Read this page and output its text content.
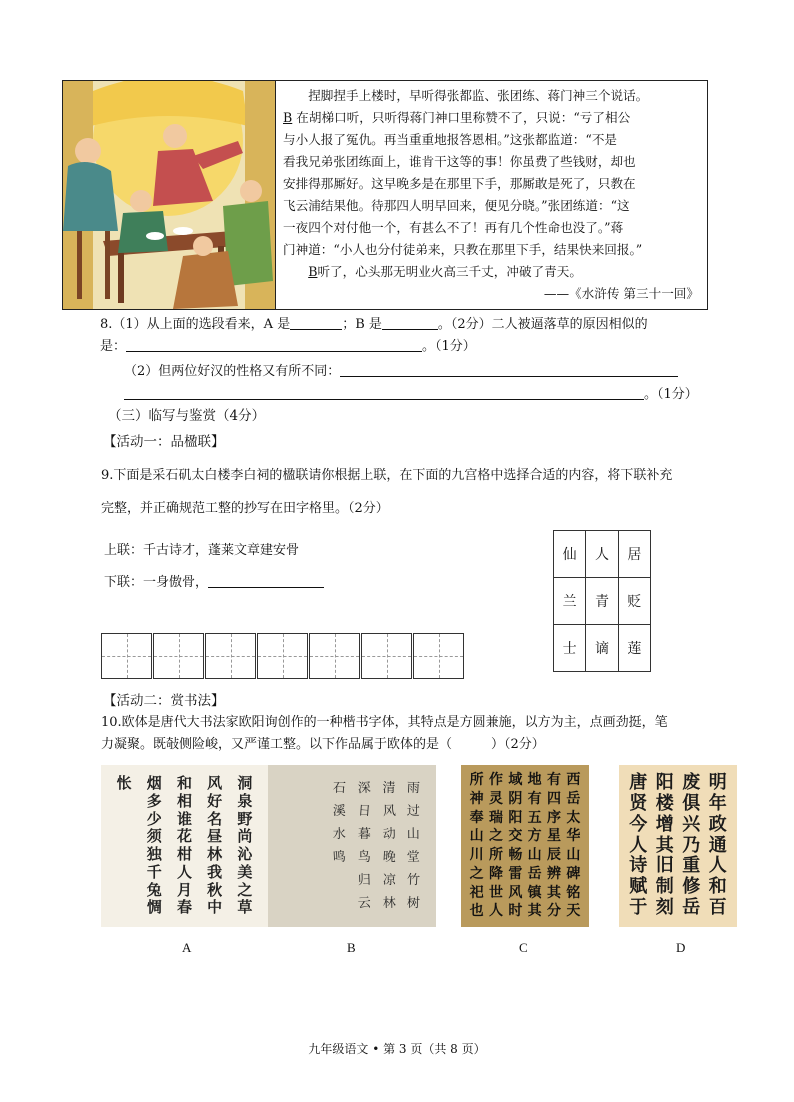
捏脚捏手上楼时，早听得张都监、张团练、蒋门神三个说话。

B 在胡梯口听，只听得蒋门神口里称赞不了，只说：“亏了相公

与小人报了冤仇。再当重重地报答恩相。”这张都监道：“不是

看我兄弟张团练面上，谁肯干这等的事！你虽费了些钱财，却也

安排得那厮好。这早晚多是在那里下手，那厮敢是死了，只教在

飞云浦结果他。待那四人明早回来，便见分晓。”张团练道：“这

一夜四个对付他一个，有甚么不了！再有几个性命也没了。”蒋

门神道：“小人也分付徒弟来，只教在那里下手，结果快来回报。”

B听了，心头那无明业火高三千丈，冲破了青天。

——《水浒传 第三十一回》

8.（1）从上面的选段看来，A 是	；B 是	。（2分）二人被逼落草的原因相似的
是：	。（1分）
（2）但两位好汉的性格又有所不同：
。（1分）
（三）临写与鉴赏（4分）
【活动一：品楹联】
9.下面是采石矶太白楼李白祠的楹联请你根据上联，在下面的九宫格中选择合适的内容，将下联补充
完整，并正确规范工整的抄写在田字格里。（2分）
上联：千古诗才，蓬莱文章建安骨
下联：一身傲骨，
仙	人	居
兰	青	贬
士	谪	莲
【活动二：赏书法】
10.欧体是唐代大书法家欧阳询创作的一种楷书字体，其特点是方圆兼施，以方为主，点画劲挺，笔
力凝聚。既敧侧险峻，又严谨工整。以下作品属于欧体的是（　　　）（2分）
洞
泉
野
尚
沁
美
之
草
风
好
名
昼
林
我
秋
中
和
相
谁
花
柑
人
月
春
烟
多
少
须
独
千
兔
惆
怅	雨
过
山
堂
竹
树
清
风
动
晚
凉
林
深
日
暮
鸟
归
云
石
溪
水
鸣
西
岳
太
华
山
碑
铭
天
有
四
序
星
辰
辨
其
分
地
有
五
方
山
岳
镇
其
域
阴
阳
交
畅
雷
风
时
作
灵
瑞
之
所
降
世
人
所
神
奉
山
川
之
祀
也
明
年
政
通
人
和
百
废
俱
兴
乃
重
修
岳
阳
楼
增
其
旧
制
刻
唐
贤
今
人
诗
赋
于
A	B	C	D
九年级语文 • 第 3 页（共 8 页）
